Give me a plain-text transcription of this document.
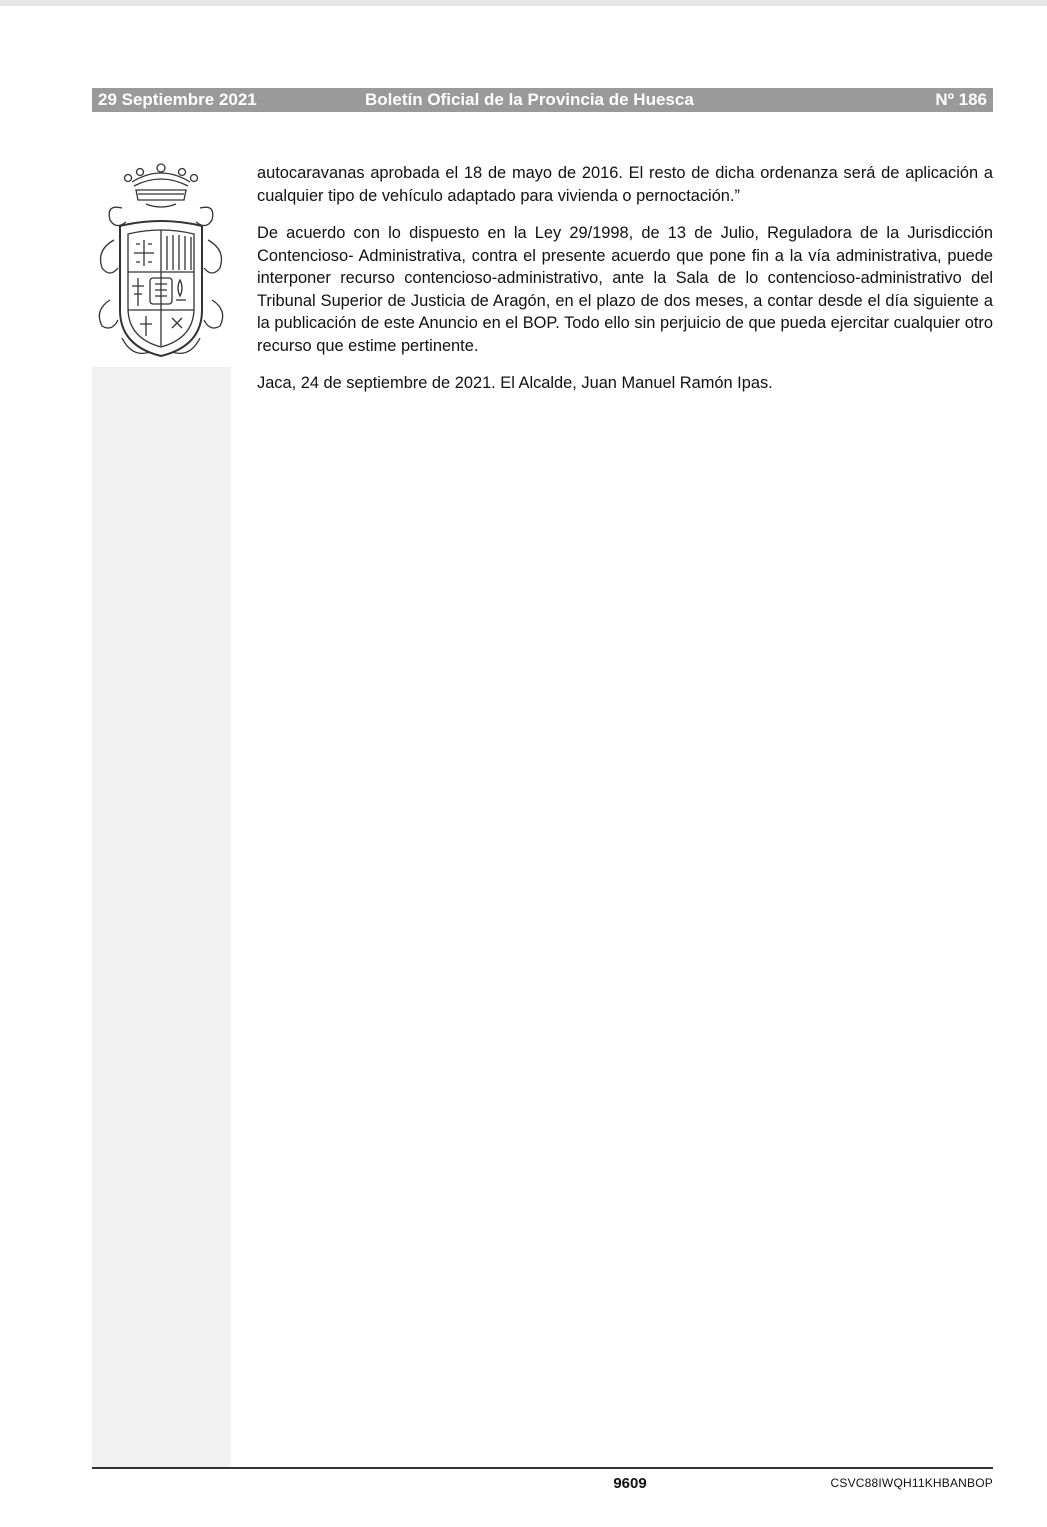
29 Septiembre 2021	Boletín Oficial de la Provincia de Huesca	Nº 186

autocaravanas aprobada el 18 de mayo de 2016. El resto de dicha ordenanza será de aplicación a cualquier tipo de vehículo adaptado para vivienda o pernoctación.”

De acuerdo con lo dispuesto en la Ley 29/1998, de 13 de Julio, Reguladora de la Jurisdicción Contencioso- Administrativa, contra el presente acuerdo que pone fin a la vía administrativa, puede interponer recurso contencioso-administrativo, ante la Sala de lo contencioso-administrativo del Tribunal Superior de Justicia de Aragón, en el plazo de dos meses, a contar desde el día siguiente a la publicación de este Anuncio en el BOP. Todo ello sin perjuicio de que pueda ejercitar cualquier otro recurso que estime pertinente.

Jaca, 24 de septiembre de 2021. El Alcalde, Juan Manuel Ramón Ipas.

9609	CSVC88IWQH11KHBANBOP
